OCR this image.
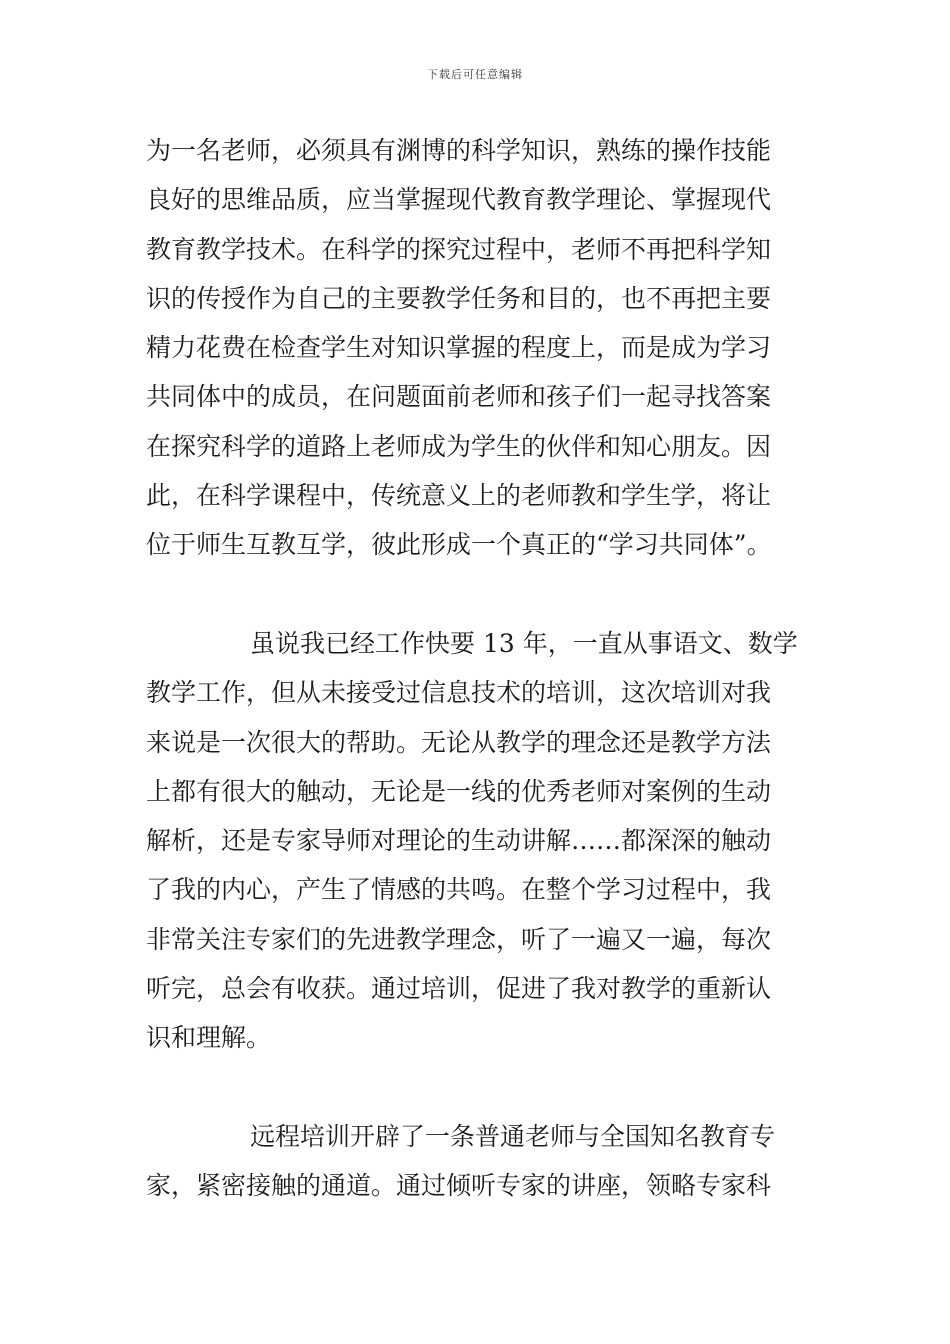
下载后可任意编辑
为一名老师，必须具有渊博的科学知识，熟练的操作技能
良好的思维品质，应当掌握现代教育教学理论、掌握现代
教育教学技术。在科学的探究过程中，老师不再把科学知
识的传授作为自己的主要教学任务和目的，也不再把主要
精力花费在检查学生对知识掌握的程度上，而是成为学习
共同体中的成员，在问题面前老师和孩子们一起寻找答案
在探究科学的道路上老师成为学生的伙伴和知心朋友。因
此，在科学课程中，传统意义上的老师教和学生学，将让
位于师生互教互学，彼此形成一个真正的“学习共同体”。
虽说我已经工作快要 13 年，一直从事语文、数学
教学工作，但从未接受过信息技术的培训，这次培训对我
来说是一次很大的帮助。无论从教学的理念还是教学方法
上都有很大的触动，无论是一线的优秀老师对案例的生动
解析，还是专家导师对理论的生动讲解……都深深的触动
了我的内心，产生了情感的共鸣。在整个学习过程中，我
非常关注专家们的先进教学理念，听了一遍又一遍，每次
听完，总会有收获。通过培训，促进了我对教学的重新认
识和理解。
远程培训开辟了一条普通老师与全国知名教育专
家，紧密接触的通道。通过倾听专家的讲座，领略专家科
